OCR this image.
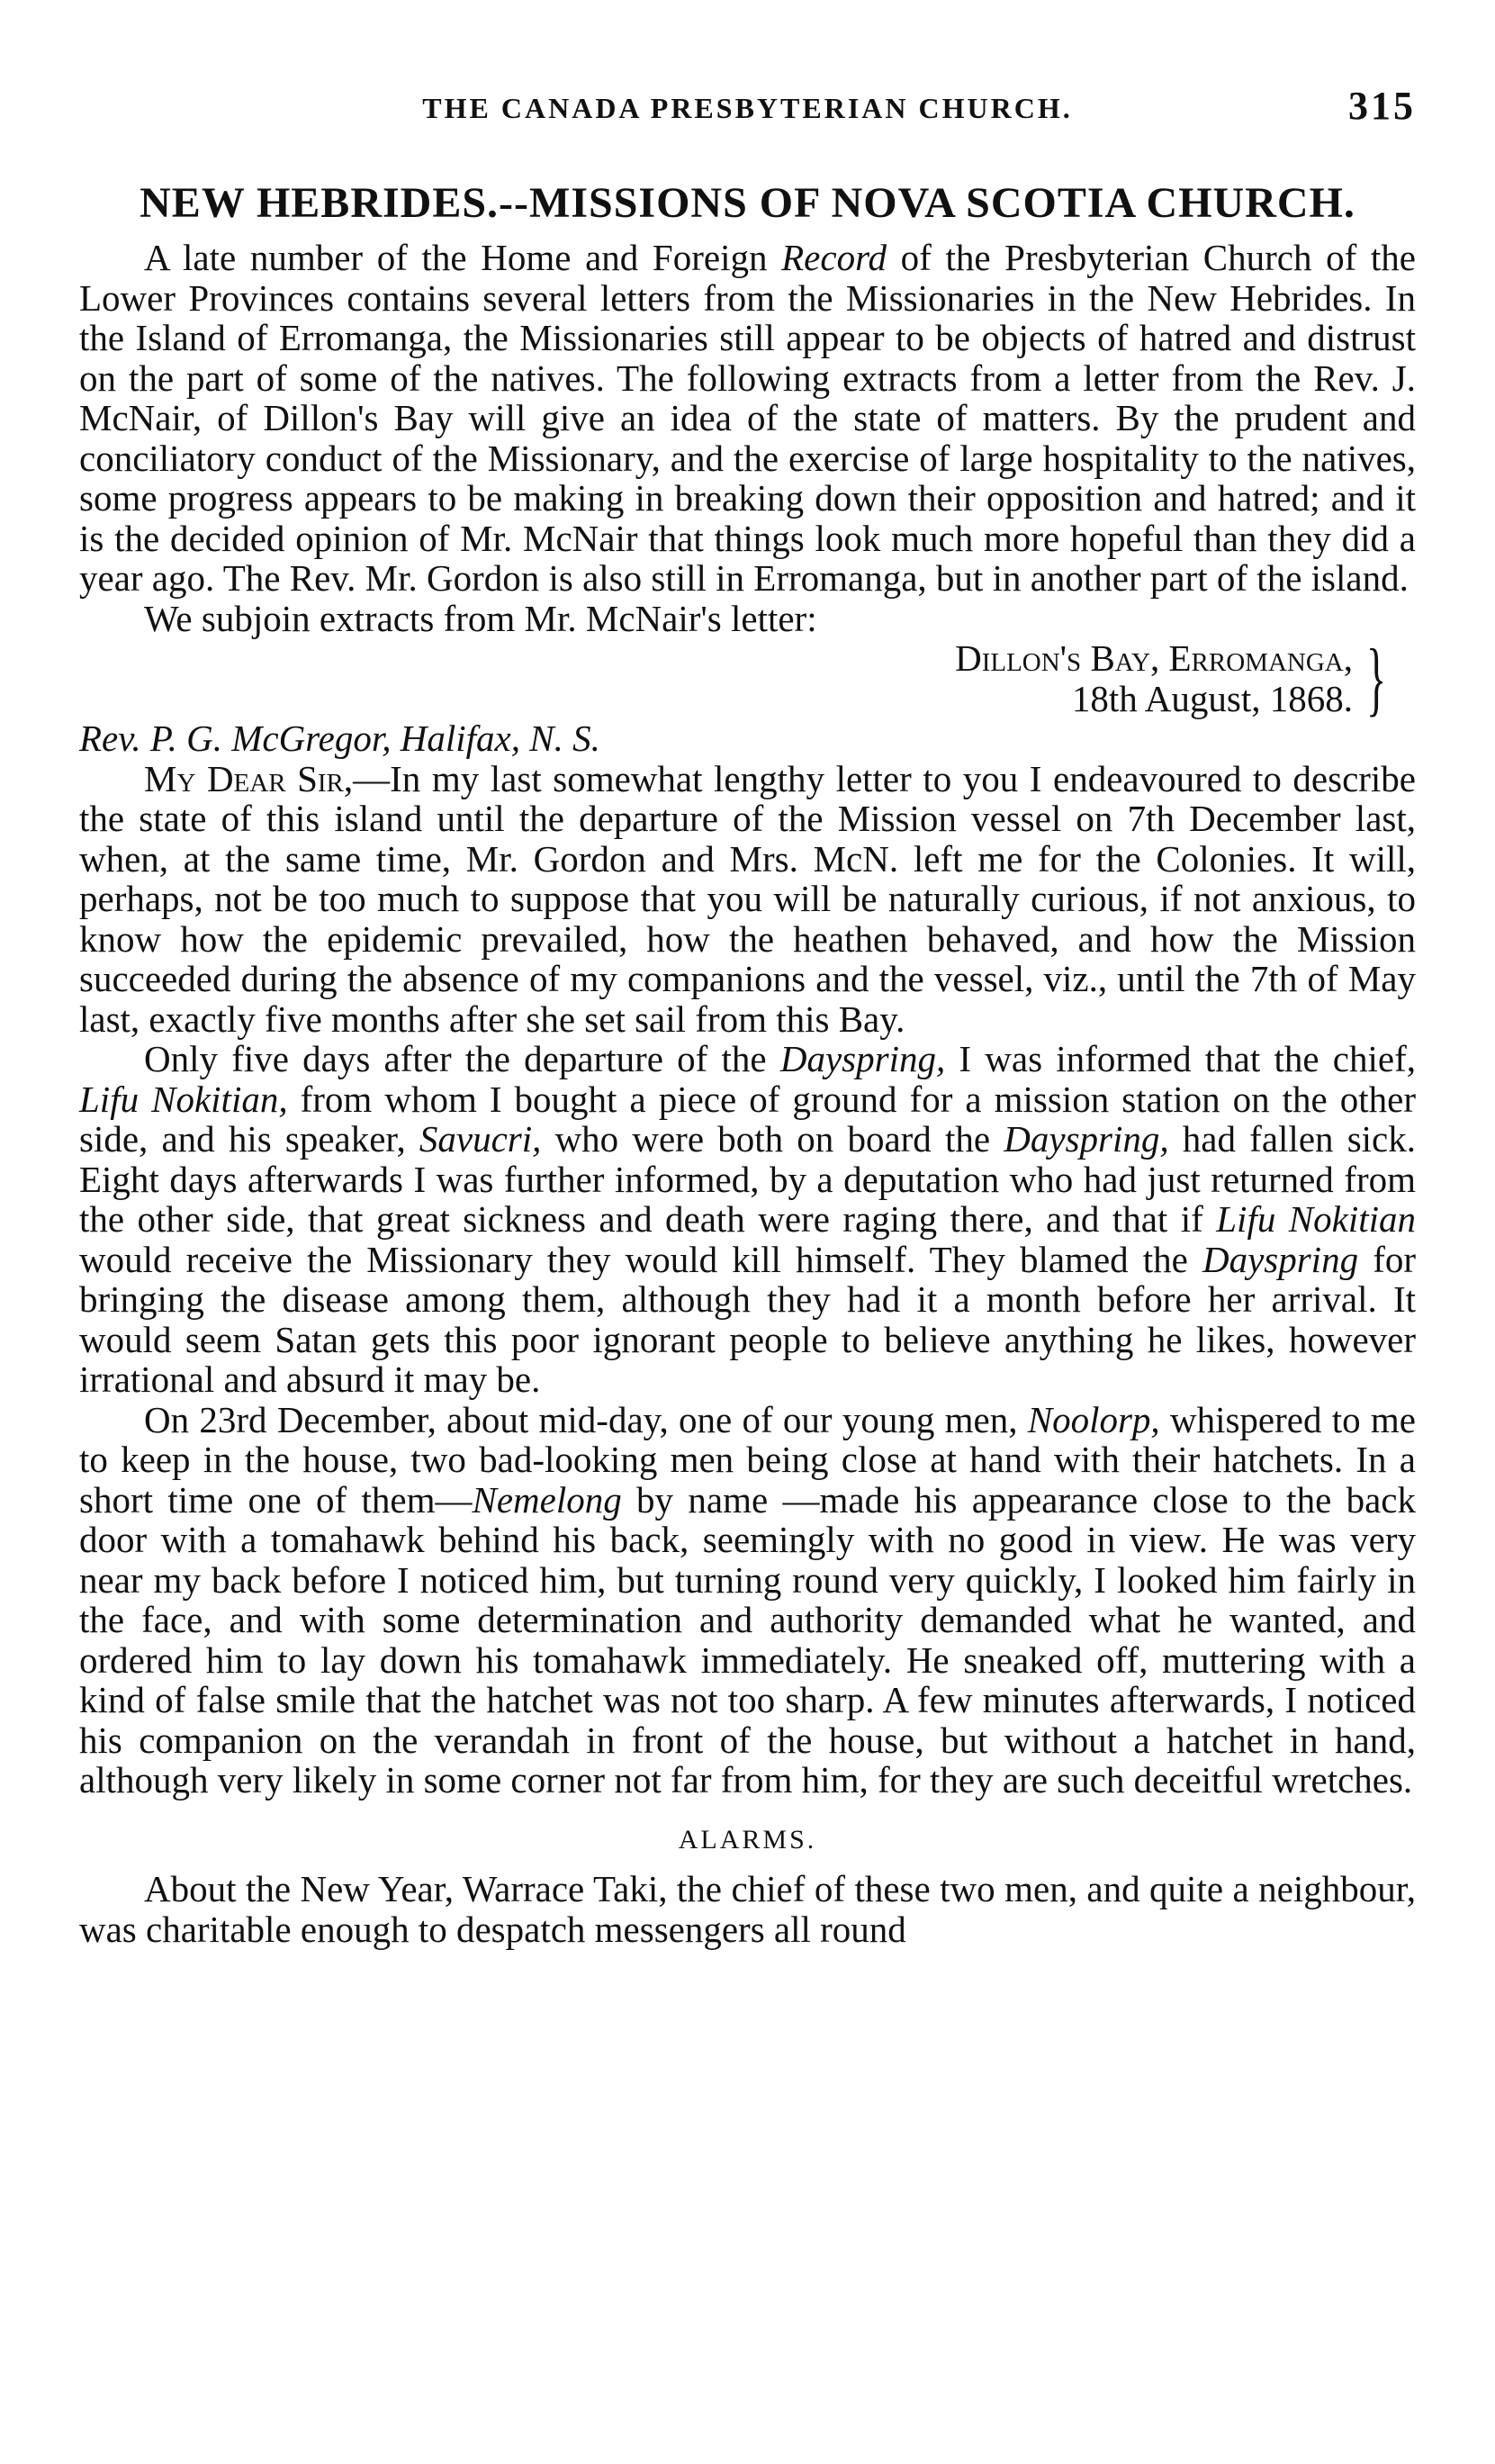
THE CANADA PRESBYTERIAN CHURCH.	315
NEW HEBRIDES.--MISSIONS OF NOVA SCOTIA CHURCH.

A late number of the Home and Foreign Record of the Presbyterian Church of the Lower Provinces contains several letters from the Missionaries in the New Hebrides. In the Island of Erromanga, the Missionaries still appear to be objects of hatred and distrust on the part of some of the natives. The following extracts from a letter from the Rev. J. McNair, of Dillon's Bay will give an idea of the state of matters. By the prudent and conciliatory conduct of the Missionary, and the exercise of large hospitality to the natives, some progress appears to be making in breaking down their opposition and hatred; and it is the decided opinion of Mr. McNair that things look much more hopeful than they did a year ago. The Rev. Mr. Gordon is also still in Erromanga, but in another part of the island.

We subjoin extracts from Mr. McNair's letter:

Dillon's Bay, Erromanga,
18th August, 1868. }

Rev. P. G. McGregor, Halifax, N. S.

My Dear Sir,—In my last somewhat lengthy letter to you I endeavoured to describe the state of this island until the departure of the Mission vessel on 7th December last, when, at the same time, Mr. Gordon and Mrs. McN. left me for the Colonies. It will, perhaps, not be too much to suppose that you will be naturally curious, if not anxious, to know how the epidemic prevailed, how the heathen behaved, and how the Mission succeeded during the absence of my companions and the vessel, viz., until the 7th of May last, exactly five months after she set sail from this Bay.

Only five days after the departure of the Dayspring, I was informed that the chief, Lifu Nokitian, from whom I bought a piece of ground for a mission station on the other side, and his speaker, Savucri, who were both on board the Dayspring, had fallen sick. Eight days afterwards I was further informed, by a deputation who had just returned from the other side, that great sickness and death were raging there, and that if Lifu Nokitian would receive the Missionary they would kill himself. They blamed the Dayspring for bringing the disease among them, although they had it a month before her arrival. It would seem Satan gets this poor ignorant people to believe anything he likes, however irrational and absurd it may be.

On 23rd December, about mid-day, one of our young men, Noolorp, whispered to me to keep in the house, two bad-looking men being close at hand with their hatchets. In a short time one of them—Nemelong by name —made his appearance close to the back door with a tomahawk behind his back, seemingly with no good in view. He was very near my back before I noticed him, but turning round very quickly, I looked him fairly in the face, and with some determination and authority demanded what he wanted, and ordered him to lay down his tomahawk immediately. He sneaked off, muttering with a kind of false smile that the hatchet was not too sharp. A few minutes afterwards, I noticed his companion on the verandah in front of the house, but without a hatchet in hand, although very likely in some corner not far from him, for they are such deceitful wretches.

ALARMS.

About the New Year, Warrace Taki, the chief of these two men, and quite a neighbour, was charitable enough to despatch messengers all round
